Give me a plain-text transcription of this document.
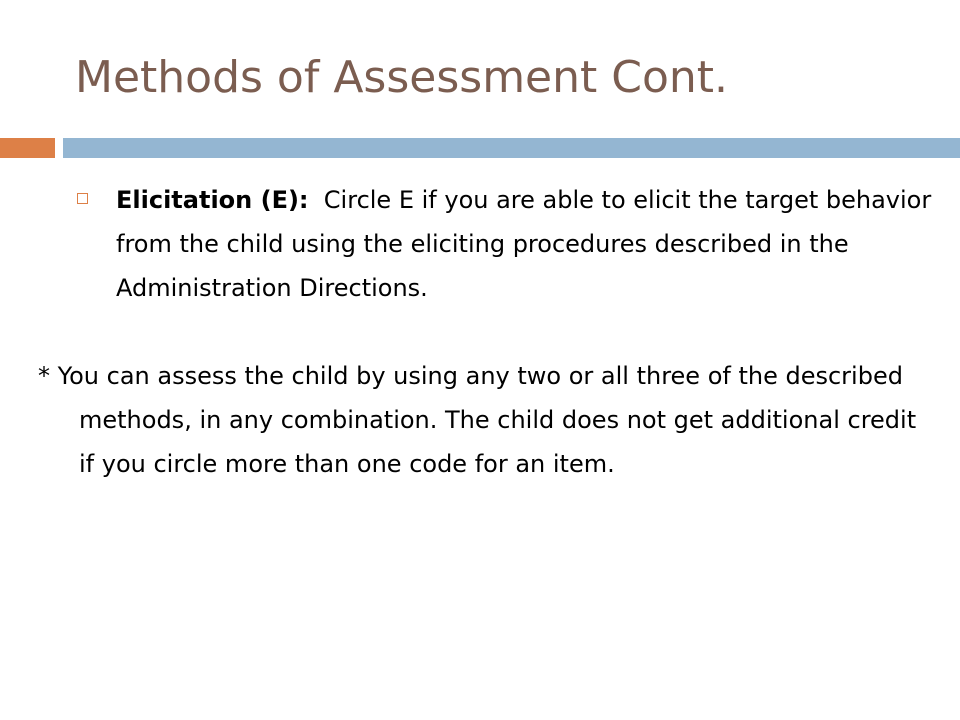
Methods of Assessment Cont.

Elicitation (E): Circle E if you are able to elicit the target behavior from the child using the eliciting procedures described in the Administration Directions.

* You can assess the child by using any two or all three of the described methods, in any combination. The child does not get additional credit if you circle more than one code for an item.
